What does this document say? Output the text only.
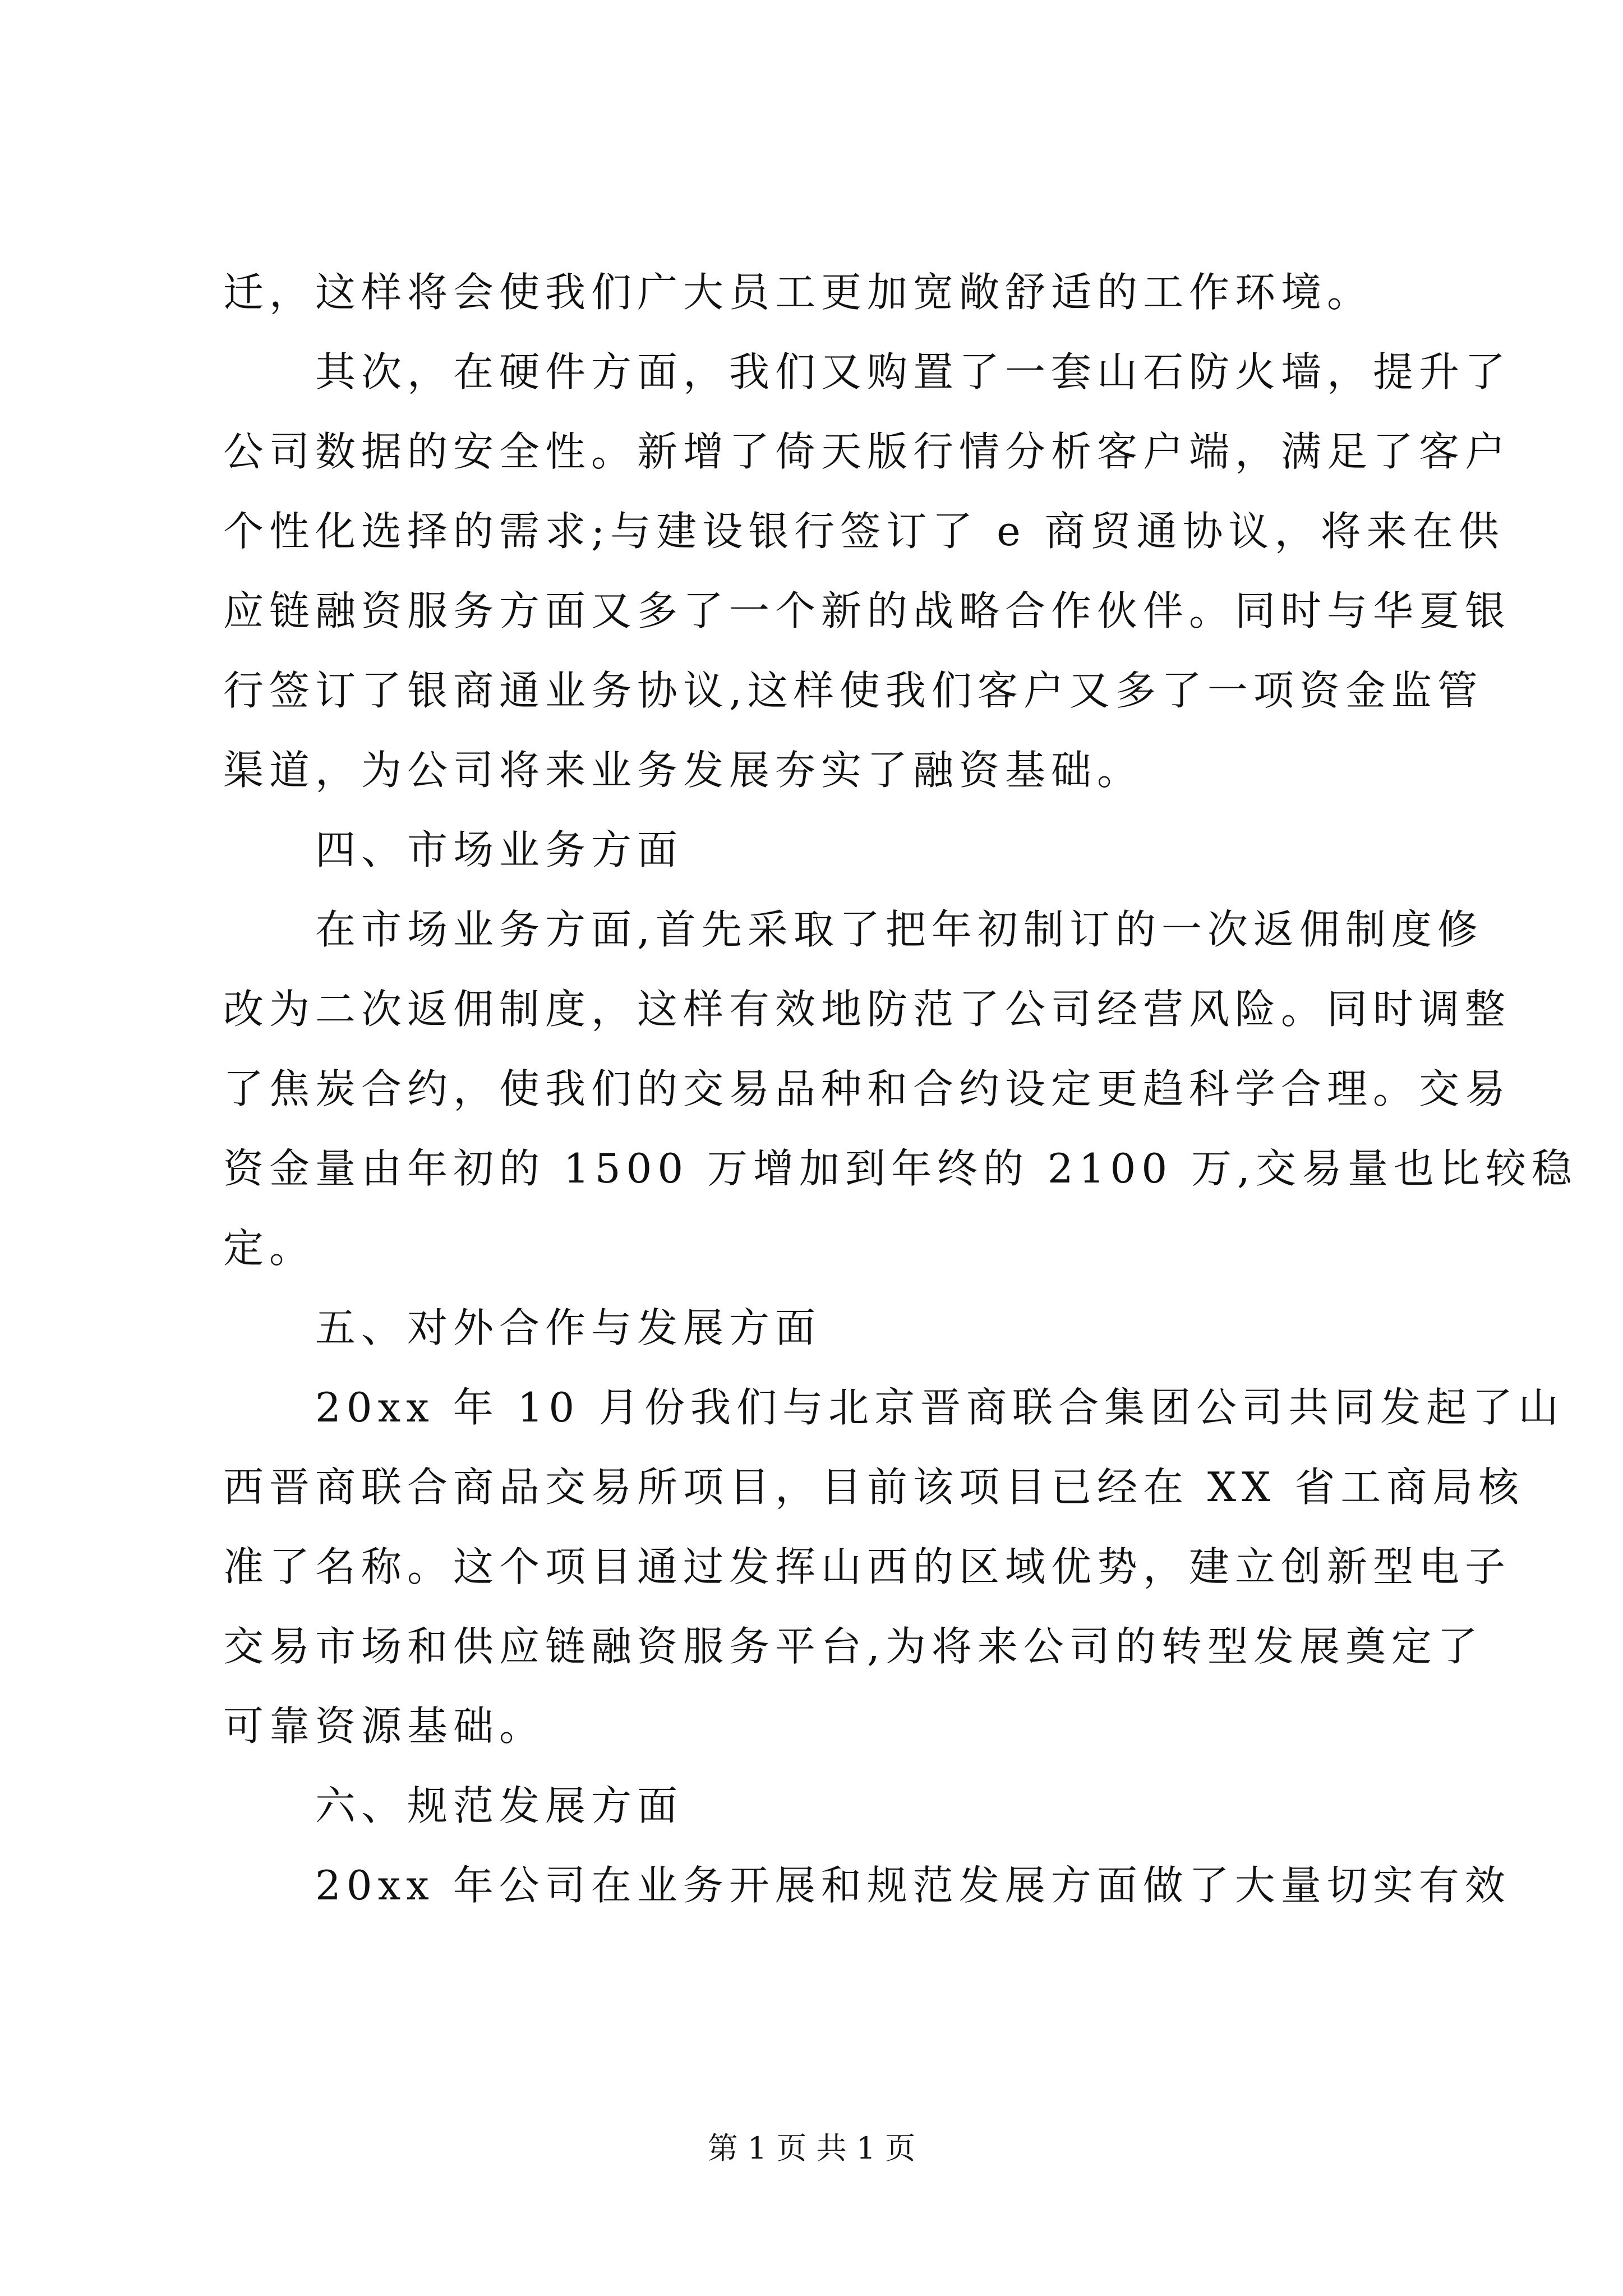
迁，这样将会使我们广大员工更加宽敞舒适的工作环境。
其次，在硬件方面，我们又购置了一套山石防火墙，提升了
公司数据的安全性。新增了倚天版行情分析客户端，满足了客户
个性化选择的需求;与建设银行签订了 e 商贸通协议，将来在供
应链融资服务方面又多了一个新的战略合作伙伴。同时与华夏银
行签订了银商通业务协议,这样使我们客户又多了一项资金监管
渠道，为公司将来业务发展夯实了融资基础。
四、市场业务方面
在市场业务方面,首先采取了把年初制订的一次返佣制度修
改为二次返佣制度，这样有效地防范了公司经营风险。同时调整
了焦炭合约，使我们的交易品种和合约设定更趋科学合理。交易
资金量由年初的 1500 万增加到年终的 2100 万,交易量也比较稳
定。
五、对外合作与发展方面
20xx 年 10 月份我们与北京晋商联合集团公司共同发起了山
西晋商联合商品交易所项目，目前该项目已经在 XX 省工商局核
准了名称。这个项目通过发挥山西的区域优势，建立创新型电子
交易市场和供应链融资服务平台,为将来公司的转型发展奠定了
可靠资源基础。
六、规范发展方面
20xx 年公司在业务开展和规范发展方面做了大量切实有效
第 1 页 共 1 页
